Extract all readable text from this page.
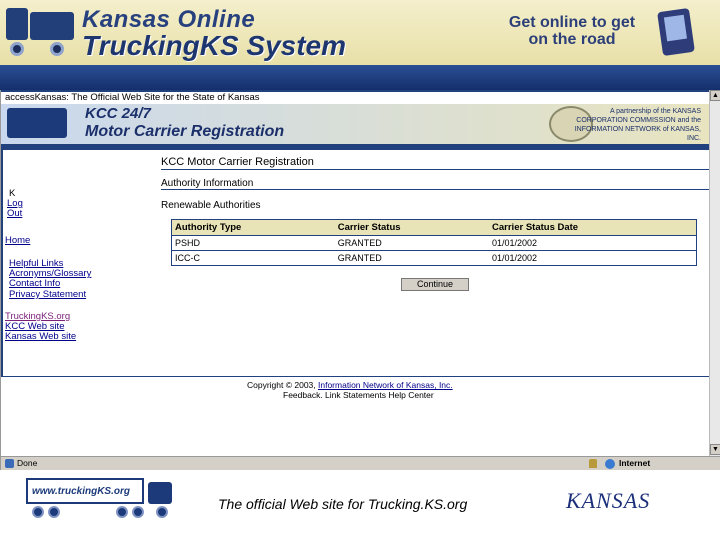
Kansas Online
TruckingKS System
Get online to get on the road
accessKansas: The Official Web Site for the State of Kansas
KCC 24/7
Motor Carrier Registration
A partnership of the KANSAS CORPORATION COMMISSION and the INFORMATION NETWORK of KANSAS, INC.
K
Log
Out
Home
Helpful Links
Acronyms/Glossary
Contact Info
Privacy Statement
TruckingKS.org
KCC Web site
Kansas Web site
KCC Motor Carrier Registration
Authority Information
Renewable Authorities
Authority Type	Carrier Status	Carrier Status Date
PSHD	GRANTED	01/01/2002
ICC-C	GRANTED	01/01/2002
Continue
Copyright © 2003, Information Network of Kansas, Inc.
Feedback. Link Statements Help Center
▲
▼
Done	Internet
www.truckingKS.org
The official Web site for Trucking.KS.org	KANSAS
